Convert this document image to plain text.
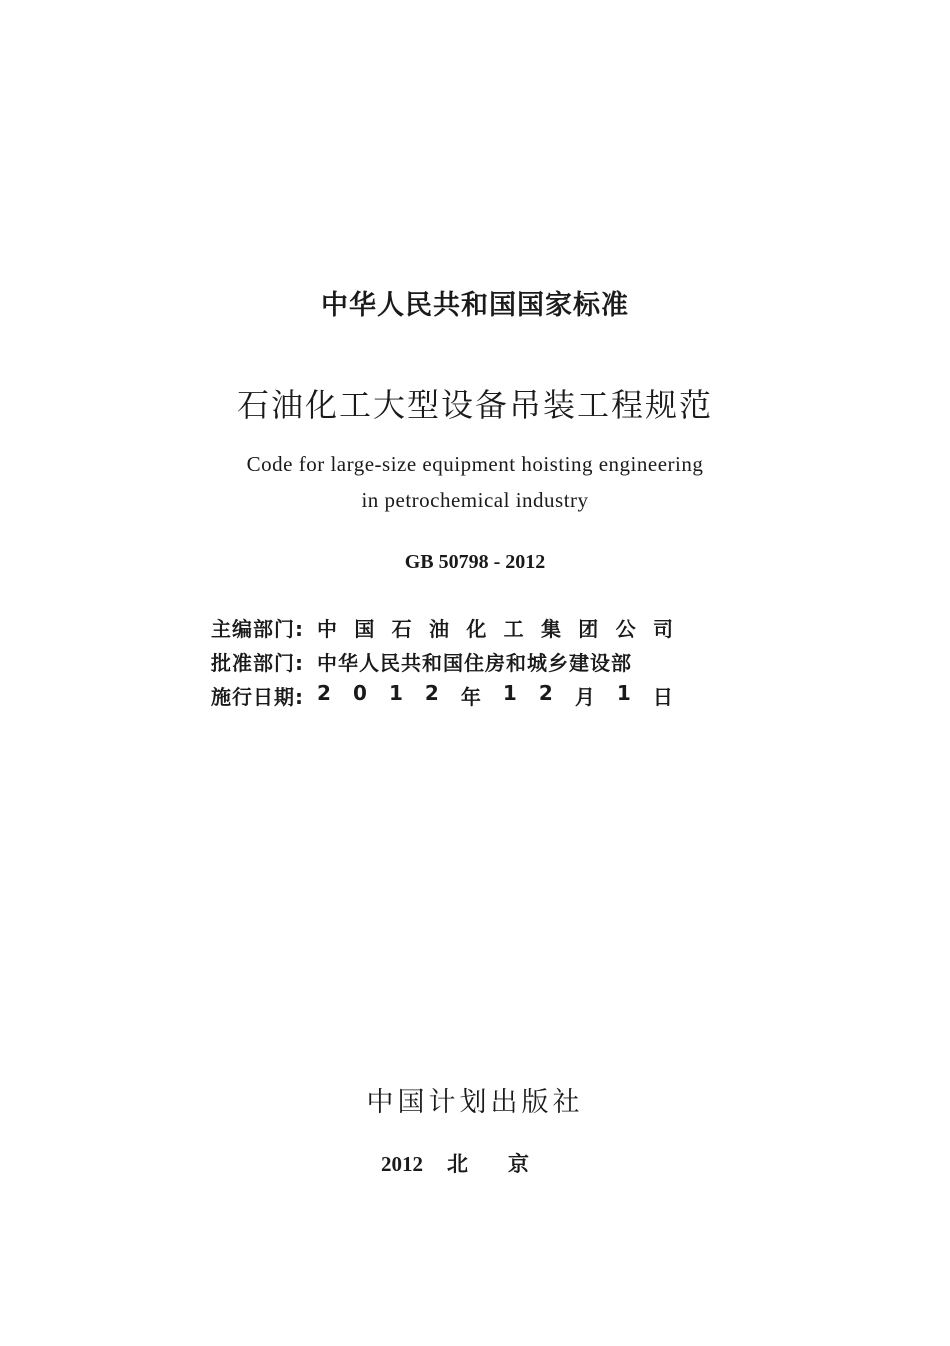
中华人民共和国国家标准
石油化工大型设备吊装工程规范
Code for large-size equipment hoisting engineering
in petrochemical industry
GB 50798 - 2012
主编部门: 中 国 石 油 化 工 集 团 公 司
批准部门: 中华人民共和国住房和城乡建设部
施行日期: 2 0 1 2 年 1 2 月 1 日
中国计划出版社
2012 北京
